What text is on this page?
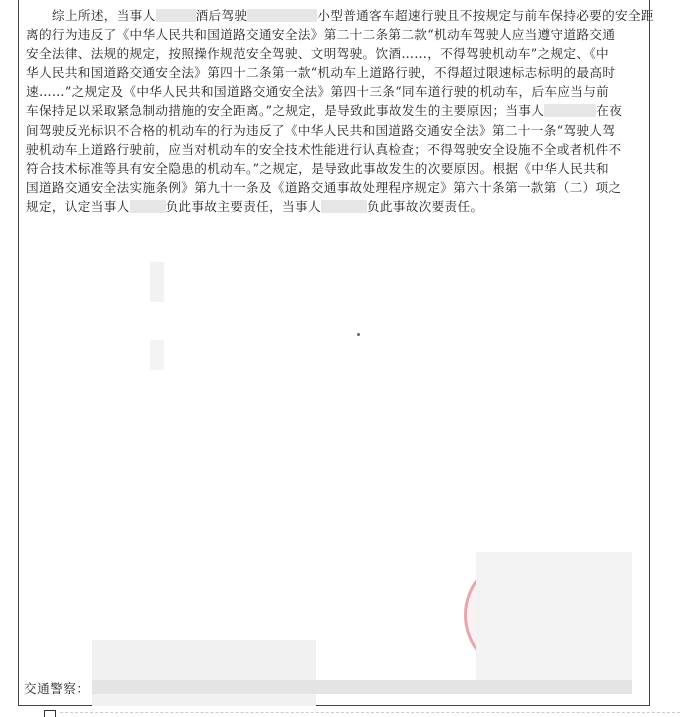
综上所述，当事人	酒后驾驶	小型普通客车超速行驶且不按规定与前车保持必要的安全距
离的行为违反了《中华人民共和国道路交通安全法》第二十二条第二款“机动车驾驶人应当遵守道路交通
安全法律、法规的规定，按照操作规范安全驾驶、文明驾驶。饮酒……，不得驾驶机动车”之规定、《中
华人民共和国道路交通安全法》第四十二条第一款“机动车上道路行驶，不得超过限速标志标明的最高时
速……”之规定及《中华人民共和国道路交通安全法》第四十三条“同车道行驶的机动车，后车应当与前
车保持足以采取紧急制动措施的安全距离。”之规定，是导致此事故发生的主要原因；当事人	在夜
间驾驶反光标识不合格的机动车的行为违反了《中华人民共和国道路交通安全法》第二十一条“驾驶人驾
驶机动车上道路行驶前，应当对机动车的安全技术性能进行认真检查；不得驾驶安全设施不全或者机件不
符合技术标准等具有安全隐患的机动车。”之规定，是导致此事故发生的次要原因。根据《中华人民共和
国道路交通安全法实施条例》第九十一条及《道路交通事故处理程序规定》第六十条第一款第（二）项之
规定，认定当事人	负此事故主要责任，当事人	负此事故次要责任。
交通警察：
